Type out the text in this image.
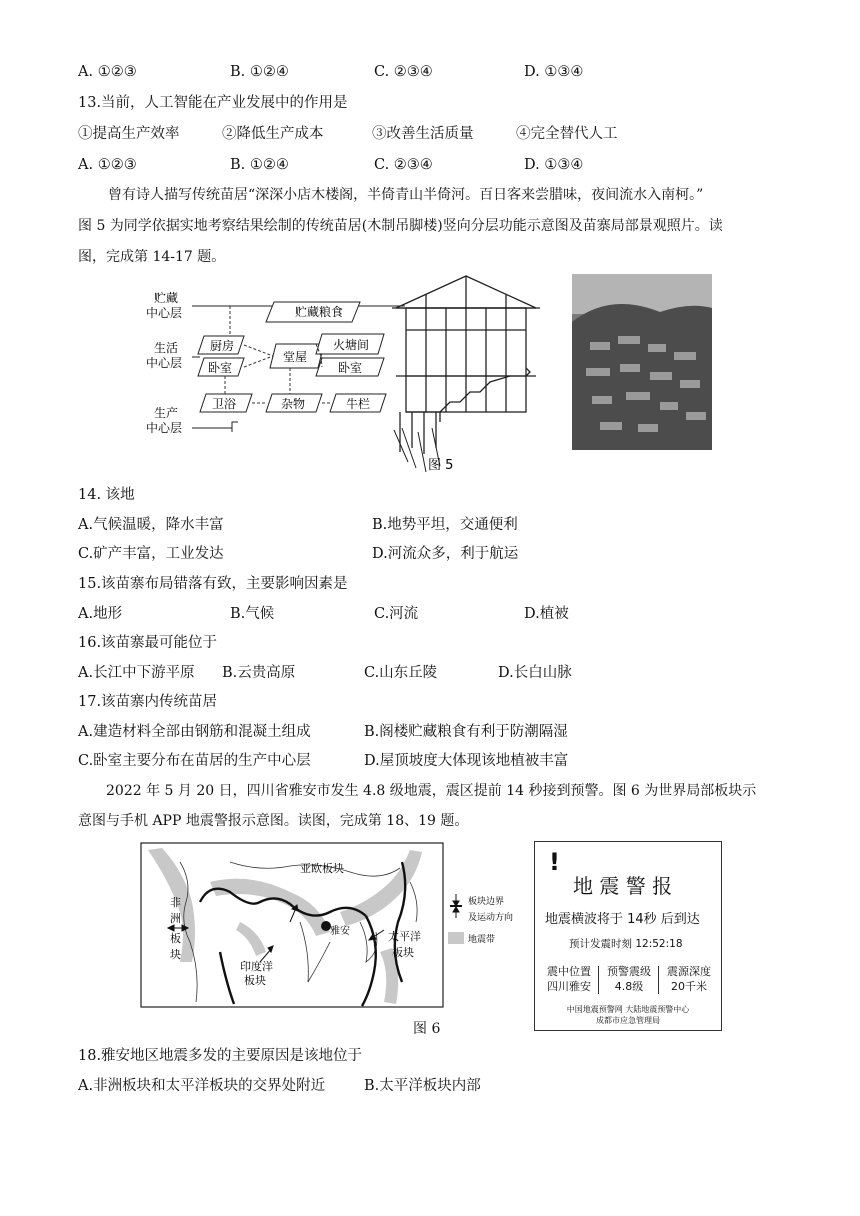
A. ①②③	B. ①②④	C. ②③④	D. ①③④
13.当前，人工智能在产业发展中的作用是
①提高生产效率	②降低生产成本	③改善生活质量	④完全替代人工
A. ①②③	B. ①②④	C. ②③④	D. ①③④
曾有诗人描写传统苗居“深深小店木楼阁，半倚青山半倚河。百日客来尝腊味，夜间流水入南柯。”
图 5 为同学依据实地考察结果绘制的传统苗居(木制吊脚楼)竖向分层功能示意图及苗寨局部景观照片。读
图，完成第 14-17 题。
贮藏中心层
生活中心层
生产中心层
贮藏粮食
厨房
卧室
堂屋
火塘间
卧室
卫浴	杂物	牛栏
图 5
14. 该地
A.气候温暖，降水丰富	B.地势平坦，交通便利
C.矿产丰富，工业发达	D.河流众多，利于航运
15.该苗寨布局错落有致，主要影响因素是
A.地形	B.气候	C.河流	D.植被
16.该苗寨最可能位于
A.长江中下游平原 B.云贵高原	C.山东丘陵	D.长白山脉
17.该苗寨内传统苗居
A.建造材料全部由钢筋和混凝土组成	B.阁楼贮藏粮食有利于防潮隔湿
C.卧室主要分布在苗居的生产中心层	D.屋顶坡度大体现该地植被丰富
2022 年 5 月 20 日，四川省雅安市发生 4.8 级地震，震区提前 14 秒接到预警。图 6 为世界局部板块示
意图与手机 APP 地震警报示意图。读图，完成第 18、19 题。
亚欧板块
非
洲
板
块
印度洋
板块
雅安	太平洋
板块
板块边界
及运动方向
地震带
!
地 震 警 报
地震横波将于 14秒 后到达
预计发震时刻 12:52:18
震中位置
四川雅安
预警震级
4.8级
震源深度
20千米
中国地震预警网 大陆地震预警中心
成都市应急管理局
图 6
18.雅安地区地震多发的主要原因是该地位于
A.非洲板块和太平洋板块的交界处附近	B.太平洋板块内部
